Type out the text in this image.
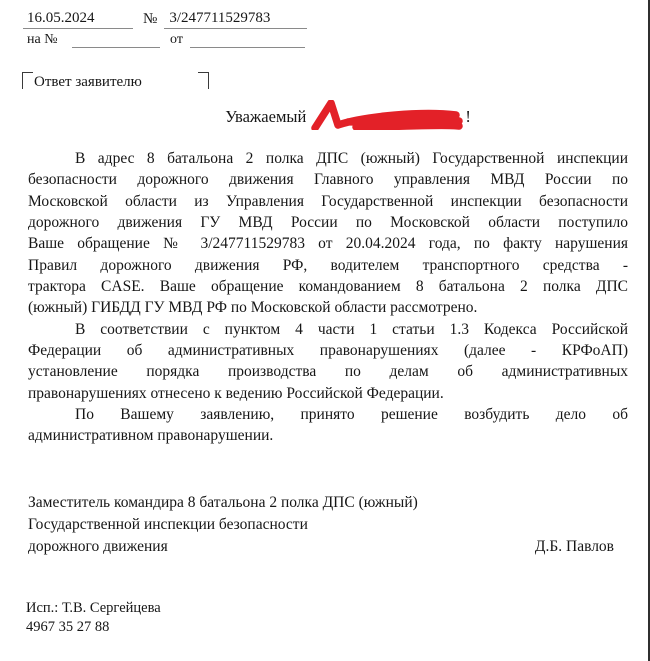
16.05.2024	№ 3/247711529783
на №	от
Ответ заявителю
Уважаемый	!
В адрес 8 батальона 2 полка ДПС (южный) Государственной инспекции
безопасности дорожного движения Главного управления МВД России по
Московской области из Управления Государственной инспекции безопасности
дорожного движения ГУ МВД России по Московской области поступило
Ваше обращение № 3/247711529783 от 20.04.2024 года, по факту нарушения
Правил дорожного движения РФ, водителем транспортного средства -
трактора CASE. Ваше обращение командованием 8 батальона 2 полка ДПС
(южный) ГИБДД ГУ МВД РФ по Московской области рассмотрено.
В соответствии с пунктом 4 части 1 статьи 1.3 Кодекса Российской
Федерации об административных правонарушениях (далее - КРФоАП)
установление порядка производства по делам об административных
правонарушениях отнесено к ведению Российской Федерации.
По Вашему заявлению, принято решение возбудить дело об
административном правонарушении.
Заместитель командира 8 батальона 2 полка ДПС (южный)
Государственной инспекции безопасности
дорожного движения	Д.Б. Павлов
Исп.: Т.В. Сергейцева
4967 35 27 88
